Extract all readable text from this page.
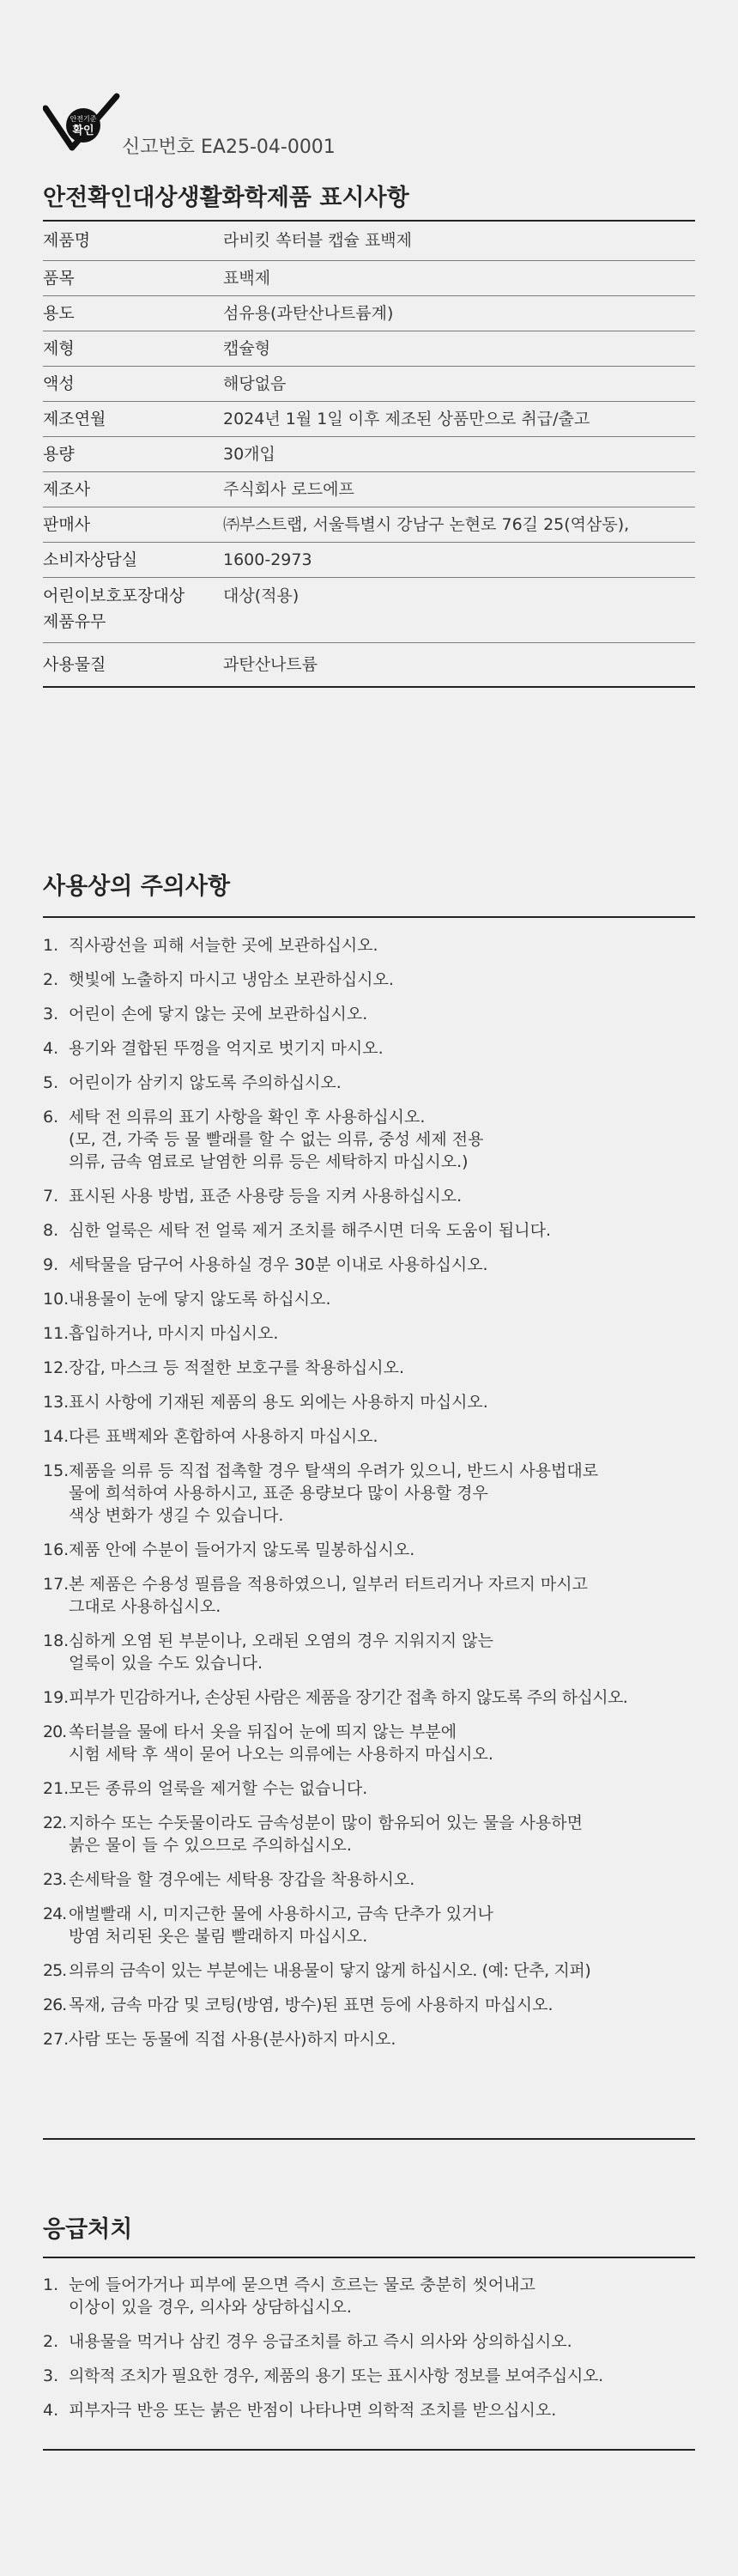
안전기준
확인
신고번호 EA25-04-0001
안전확인대상생활화학제품 표시사항
제품명	라비킷 쏙터블 캡슐 표백제
품목	표백제
용도	섬유용(과탄산나트륨계)
제형	캡슐형
액성	해당없음
제조연월	2024년 1월 1일 이후 제조된 상품만으로 취급/출고
용량	30개입
제조사	주식회사 로드에프
판매사	㈜부스트랩, 서울특별시 강남구 논현로 76길 25(역삼동),
소비자상담실	1600-2973
어린이보호포장대상
제품유무	대상(적용)
사용물질	과탄산나트륨
사용상의 주의사항
1. 직사광선을 피해 서늘한 곳에 보관하십시오.
2. 햇빛에 노출하지 마시고 냉암소 보관하십시오.
3. 어린이 손에 닿지 않는 곳에 보관하십시오.
4. 용기와 결합된 뚜껑을 억지로 벗기지 마시오.
5. 어린이가 삼키지 않도록 주의하십시오.
6. 세탁 전 의류의 표기 사항을 확인 후 사용하십시오.
(모, 견, 가죽 등 물 빨래를 할 수 없는 의류, 중성 세제 전용
의류, 금속 염료로 날염한 의류 등은 세탁하지 마십시오.)
7. 표시된 사용 방법, 표준 사용량 등을 지켜 사용하십시오.
8. 심한 얼룩은 세탁 전 얼룩 제거 조치를 해주시면 더욱 도움이 됩니다.
9. 세탁물을 담구어 사용하실 경우 30분 이내로 사용하십시오.
10. 내용물이 눈에 닿지 않도록 하십시오.
11. 흡입하거나, 마시지 마십시오.
12. 장갑, 마스크 등 적절한 보호구를 착용하십시오.
13. 표시 사항에 기재된 제품의 용도 외에는 사용하지 마십시오.
14. 다른 표백제와 혼합하여 사용하지 마십시오.
15. 제품을 의류 등 직접 접촉할 경우 탈색의 우려가 있으니, 반드시 사용법대로
물에 희석하여 사용하시고, 표준 용량보다 많이 사용할 경우
색상 변화가 생길 수 있습니다.
16. 제품 안에 수분이 들어가지 않도록 밀봉하십시오.
17. 본 제품은 수용성 필름을 적용하였으니, 일부러 터트리거나 자르지 마시고
그대로 사용하십시오.
18. 심하게 오염 된 부분이나, 오래된 오염의 경우 지워지지 않는
얼룩이 있을 수도 있습니다.
19. 피부가 민감하거나, 손상된 사람은 제품을 장기간 접촉 하지 않도록 주의 하십시오.
20. 쏙터블을 물에 타서 옷을 뒤집어 눈에 띄지 않는 부분에
시험 세탁 후 색이 묻어 나오는 의류에는 사용하지 마십시오.
21. 모든 종류의 얼룩을 제거할 수는 없습니다.
22. 지하수 또는 수돗물이라도 금속성분이 많이 함유되어 있는 물을 사용하면
붉은 물이 들 수 있으므로 주의하십시오.
23. 손세탁을 할 경우에는 세탁용 장갑을 착용하시오.
24. 애벌빨래 시, 미지근한 물에 사용하시고, 금속 단추가 있거나
방염 처리된 옷은 불림 빨래하지 마십시오.
25. 의류의 금속이 있는 부분에는 내용물이 닿지 않게 하십시오. (예: 단추, 지퍼)
26. 목재, 금속 마감 및 코팅(방염, 방수)된 표면 등에 사용하지 마십시오.
27. 사람 또는 동물에 직접 사용(분사)하지 마시오.
응급처치
1. 눈에 들어가거나 피부에 묻으면 즉시 흐르는 물로 충분히 씻어내고
이상이 있을 경우, 의사와 상담하십시오.
2. 내용물을 먹거나 삼킨 경우 응급조치를 하고 즉시 의사와 상의하십시오.
3. 의학적 조치가 필요한 경우, 제품의 용기 또는 표시사항 정보를 보여주십시오.
4. 피부자극 반응 또는 붉은 반점이 나타나면 의학적 조치를 받으십시오.
